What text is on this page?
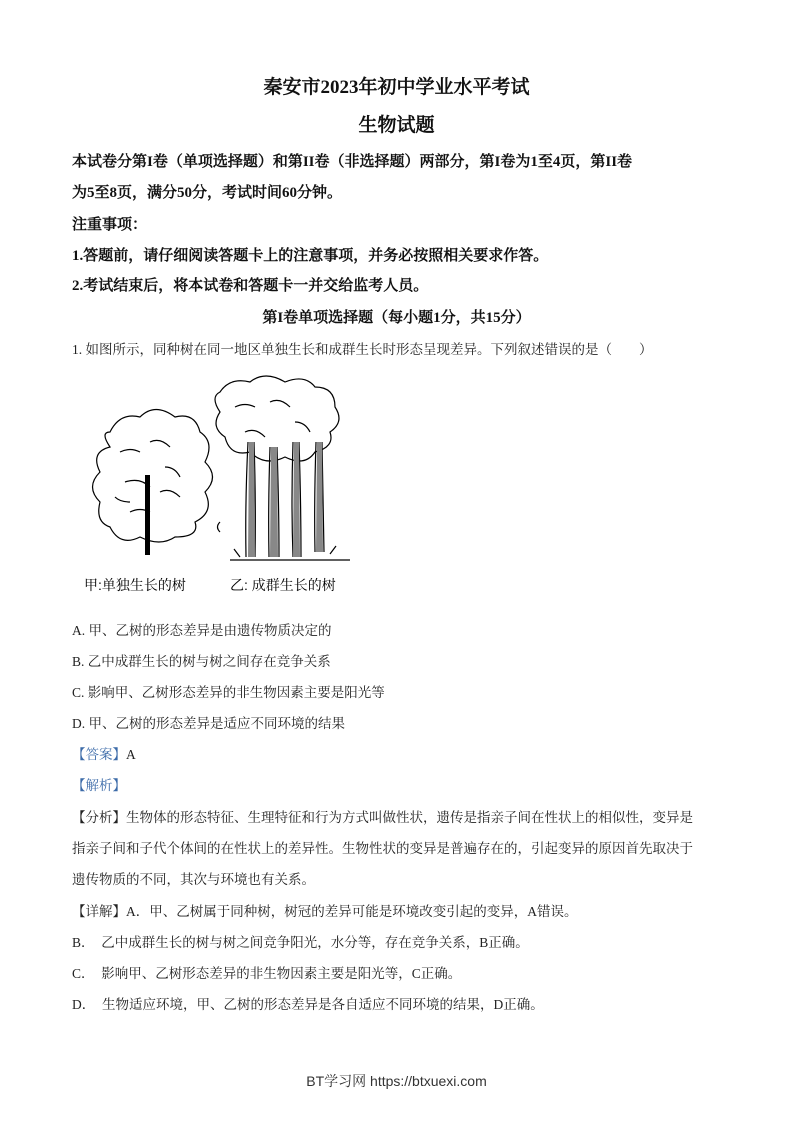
秦安市2023年初中学业水平考试
生物试题
本试卷分第I卷（单项选择题）和第II卷（非选择题）两部分，第I卷为1至4页，第II卷
为5至8页，满分50分，考试时间60分钟。
注重事项：
1.答题前，请仔细阅读答题卡上的注意事项，并务必按照相关要求作答。
2.考试结束后，将本试卷和答题卡一并交给监考人员。
第I卷单项选择题（每小题1分，共15分）
1. 如图所示，同种树在同一地区单独生长和成群生长时形态呈现差异。下列叙述错误的是（　　）
甲:单独生长的树	乙: 成群生长的树
A. 甲、乙树的形态差异是由遗传物质决定的
B. 乙中成群生长的树与树之间存在竞争关系
C. 影响甲、乙树形态差异的非生物因素主要是阳光等
D. 甲、乙树的形态差异是适应不同环境的结果
【答案】A
【解析】
【分析】生物体的形态特征、生理特征和行为方式叫做性状，遗传是指亲子间在性状上的相似性，变异是
指亲子间和子代个体间的在性状上的差异性。生物性状的变异是普遍存在的，引起变异的原因首先取决于
遗传物质的不同，其次与环境也有关系。
【详解】A．甲、乙树属于同种树，树冠的差异可能是环境改变引起的变异，A错误。
B．　乙中成群生长的树与树之间竞争阳光，水分等，存在竞争关系，B正确。
C．　影响甲、乙树形态差异的非生物因素主要是阳光等，C正确。
D．　生物适应环境，甲、乙树的形态差异是各自适应不同环境的结果，D正确。
BT学习网 https://btxuexi.com
